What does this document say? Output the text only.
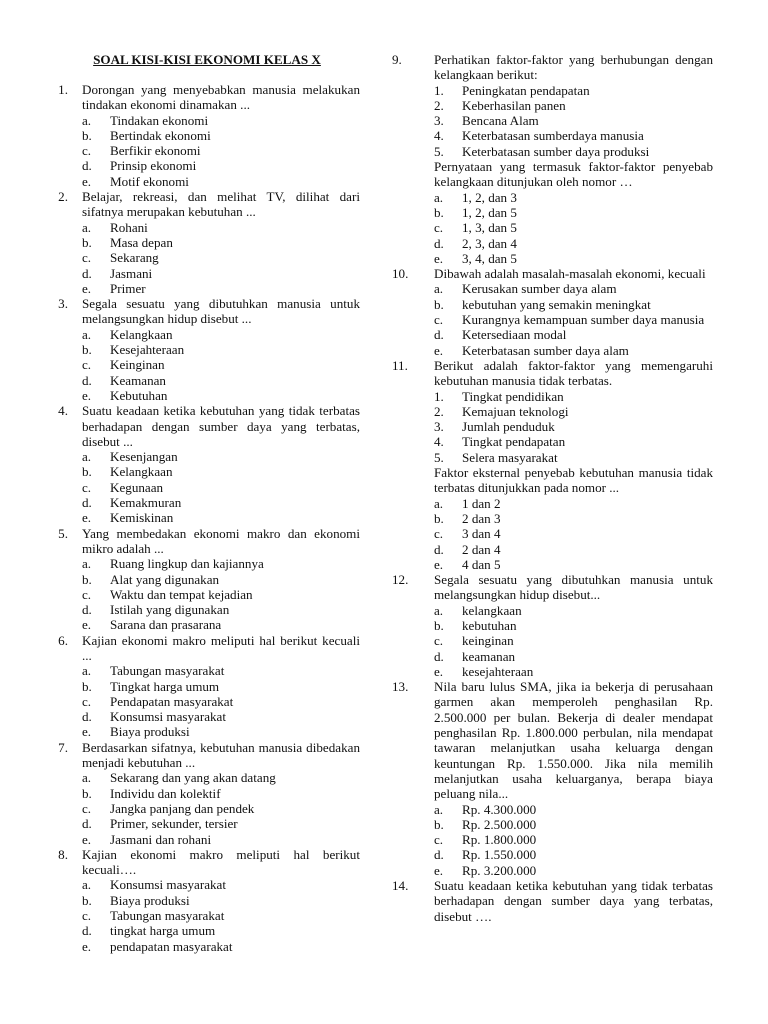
SOAL KISI-KISI EKONOMI KELAS X
1. Dorongan yang menyebabkan manusia melakukan tindakan ekonomi dinamakan ...
a. Tindakan ekonomi
b. Bertindak ekonomi
c. Berfikir ekonomi
d. Prinsip ekonomi
e. Motif ekonomi
2. Belajar, rekreasi, dan melihat TV, dilihat dari sifatnya merupakan kebutuhan ...
a. Rohani
b. Masa depan
c. Sekarang
d. Jasmani
e. Primer
3. Segala sesuatu yang dibutuhkan manusia untuk melangsungkan hidup disebut ...
a. Kelangkaan
b. Kesejahteraan
c. Keinginan
d. Keamanan
e. Kebutuhan
4. Suatu keadaan ketika kebutuhan yang tidak terbatas berhadapan dengan sumber daya yang terbatas, disebut ...
a. Kesenjangan
b. Kelangkaan
c. Kegunaan
d. Kemakmuran
e. Kemiskinan
5. Yang membedakan ekonomi makro dan ekonomi mikro adalah ...
a. Ruang lingkup dan kajiannya
b. Alat yang digunakan
c. Waktu dan tempat kejadian
d. Istilah yang digunakan
e. Sarana dan prasarana
6. Kajian ekonomi makro meliputi hal berikut kecuali ...
a. Tabungan masyarakat
b. Tingkat harga umum
c. Pendapatan masyarakat
d. Konsumsi masyarakat
e. Biaya produksi
7. Berdasarkan sifatnya, kebutuhan manusia dibedakan menjadi kebutuhan ...
a. Sekarang dan yang akan datang
b. Individu dan kolektif
c. Jangka panjang dan pendek
d. Primer, sekunder, tersier
e. Jasmani dan rohani
8. Kajian ekonomi makro meliputi hal berikut kecuali….
a. Konsumsi masyarakat
b. Biaya produksi
c. Tabungan masyarakat
d. tingkat harga umum
e. pendapatan masyarakat
9.	Perhatikan faktor-faktor yang berhubungan dengan kelangkaan berikut:
1. Peningkatan pendapatan
2. Keberhasilan panen
3. Bencana Alam
4. Keterbatasan sumberdaya manusia
5. Keterbatasan sumber daya produksi
Pernyataan yang termasuk faktor-faktor penyebab kelangkaan ditunjukan oleh nomor …
a. 1, 2, dan 3
b. 1, 2, dan 5
c. 1, 3, dan 5
d. 2, 3, dan 4
e. 3, 4, dan 5
10.	Dibawah adalah masalah-masalah ekonomi, kecuali
a. Kerusakan sumber daya alam
b. kebutuhan yang semakin meningkat
c. Kurangnya kemampuan sumber daya manusia
d. Ketersediaan modal
e. Keterbatasan sumber daya alam
11.	Berikut adalah faktor-faktor yang memengaruhi kebutuhan manusia tidak terbatas.
1. Tingkat pendidikan
2. Kemajuan teknologi
3. Jumlah penduduk
4. Tingkat pendapatan
5. Selera masyarakat
Faktor eksternal penyebab kebutuhan manusia tidak terbatas ditunjukkan pada nomor ...
a. 1 dan 2
b. 2 dan 3
c. 3 dan 4
d. 2 dan 4
e. 4 dan 5
12.	Segala sesuatu yang dibutuhkan manusia untuk melangsungkan hidup disebut...
a. kelangkaan
b. kebutuhan
c. keinginan
d. keamanan
e. kesejahteraan
13.	Nila baru lulus SMA, jika ia bekerja di perusahaan garmen akan memperoleh penghasilan Rp. 2.500.000 per bulan. Bekerja di dealer mendapat penghasilan Rp. 1.800.000 perbulan, nila mendapat tawaran melanjutkan usaha keluarga dengan keuntungan Rp. 1.550.000. Jika nila memilih melanjutkan usaha keluarganya, berapa biaya peluang nila...
a. Rp. 4.300.000
b. Rp. 2.500.000
c. Rp. 1.800.000
d. Rp. 1.550.000
e. Rp. 3.200.000
14.	Suatu keadaan ketika kebutuhan yang tidak terbatas berhadapan dengan sumber daya yang terbatas, disebut ….
